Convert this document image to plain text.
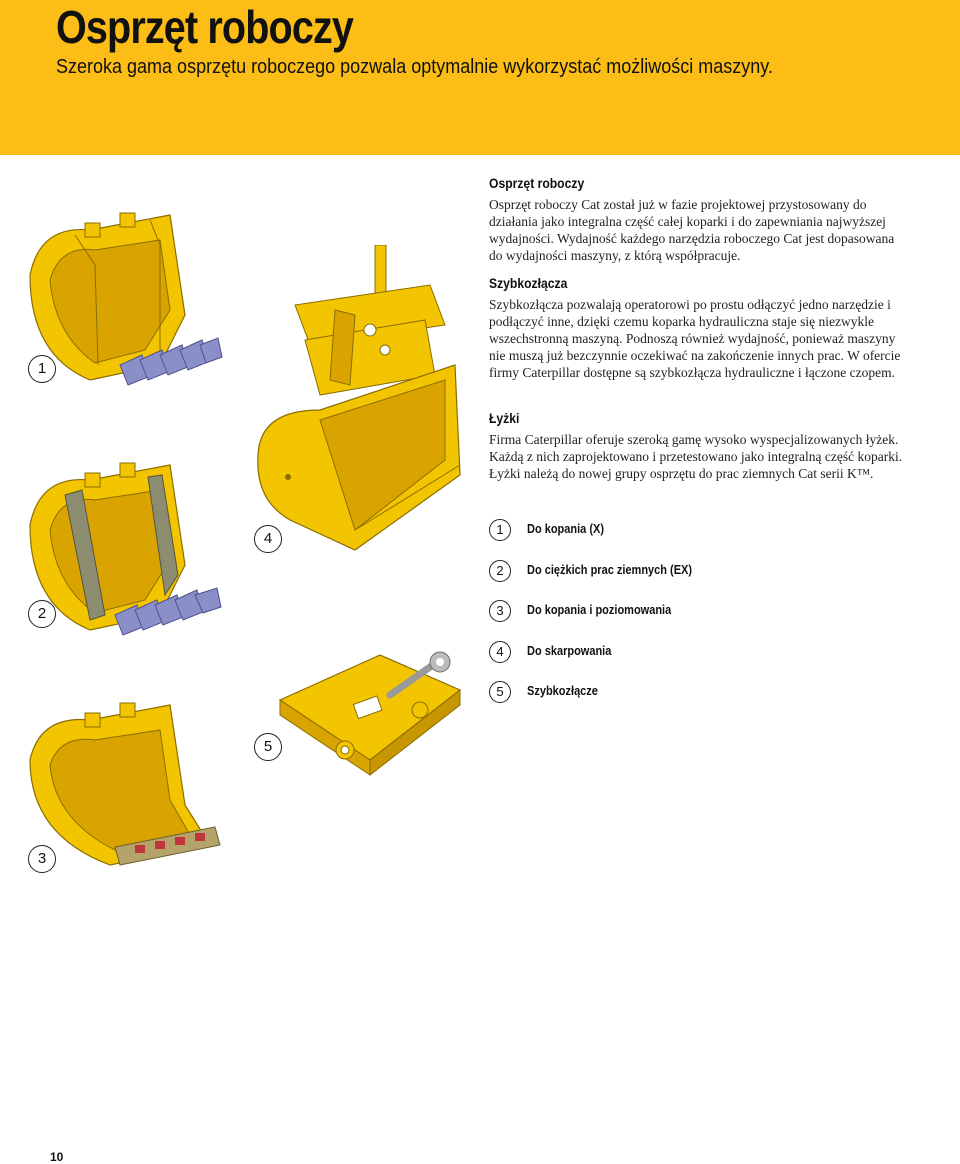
Osprzęt roboczy

Szeroka gama osprzętu roboczego pozwala optymalnie wykorzystać możliwości maszyny.

Osprzęt roboczy

Osprzęt roboczy Cat został już w fazie projektowej przystosowany do działania jako integralna część całej koparki i do zapewniania najwyższej wydajności. Wydajność każdego narzędzia roboczego Cat jest dopasowana do wydajności maszyny, z którą współpracuje.

Szybkozłącza

Szybkozłącza pozwalają operatorowi po prostu odłączyć jedno narzędzie i podłączyć inne, dzięki czemu koparka hydrauliczna staje się niezwykle wszechstronną maszyną. Podnoszą również wydajność, ponieważ maszyny nie muszą już bezczynnie oczekiwać na zakończenie innych prac. W ofercie firmy Caterpillar dostępne są szybkozłącza hydrauliczne i łączone czopem.

Łyżki

Firma Caterpillar oferuje szeroką gamę wysoko wyspecjalizowanych łyżek. Każdą z nich zaprojektowano i przetestowano jako integralną część koparki. Łyżki należą do nowej grupy osprzętu do prac ziemnych Cat serii K™.

1	Do kopania (X)
2	Do ciężkich prac ziemnych (EX)
3	Do kopania i poziomowania
4	Do skarpowania
5	Szybkozłącze
1
2
3
4
5
10
